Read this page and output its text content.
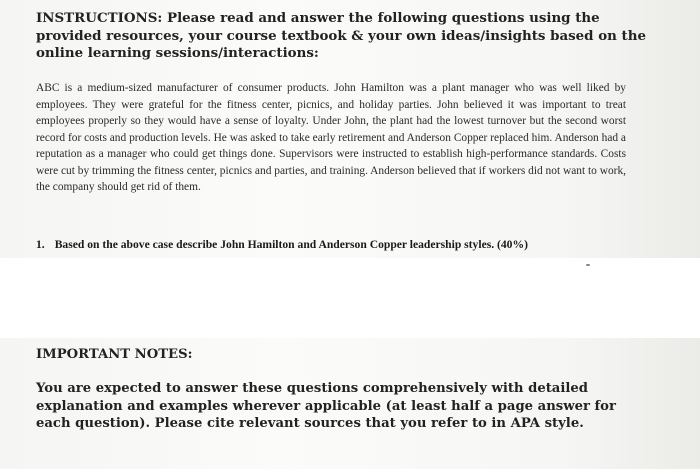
INSTRUCTIONS: Please read and answer the following questions using the provided resources, your course textbook & your own ideas/insights based on the online learning sessions/interactions:
ABC is a medium-sized manufacturer of consumer products. John Hamilton was a plant manager who was well liked by employees. They were grateful for the fitness center, picnics, and holiday parties. John believed it was important to treat employees properly so they would have a sense of loyalty. Under John, the plant had the lowest turnover but the second worst record for costs and production levels. He was asked to take early retirement and Anderson Copper replaced him. Anderson had a reputation as a manager who could get things done. Supervisors were instructed to establish high-performance standards. Costs were cut by trimming the fitness center, picnics and parties, and training. Anderson believed that if workers did not want to work, the company should get rid of them.
1. Based on the above case describe John Hamilton and Anderson Copper leadership styles. (40%)
IMPORTANT NOTES:
You are expected to answer these questions comprehensively with detailed explanation and examples wherever applicable (at least half a page answer for each question). Please cite relevant sources that you refer to in APA style.
